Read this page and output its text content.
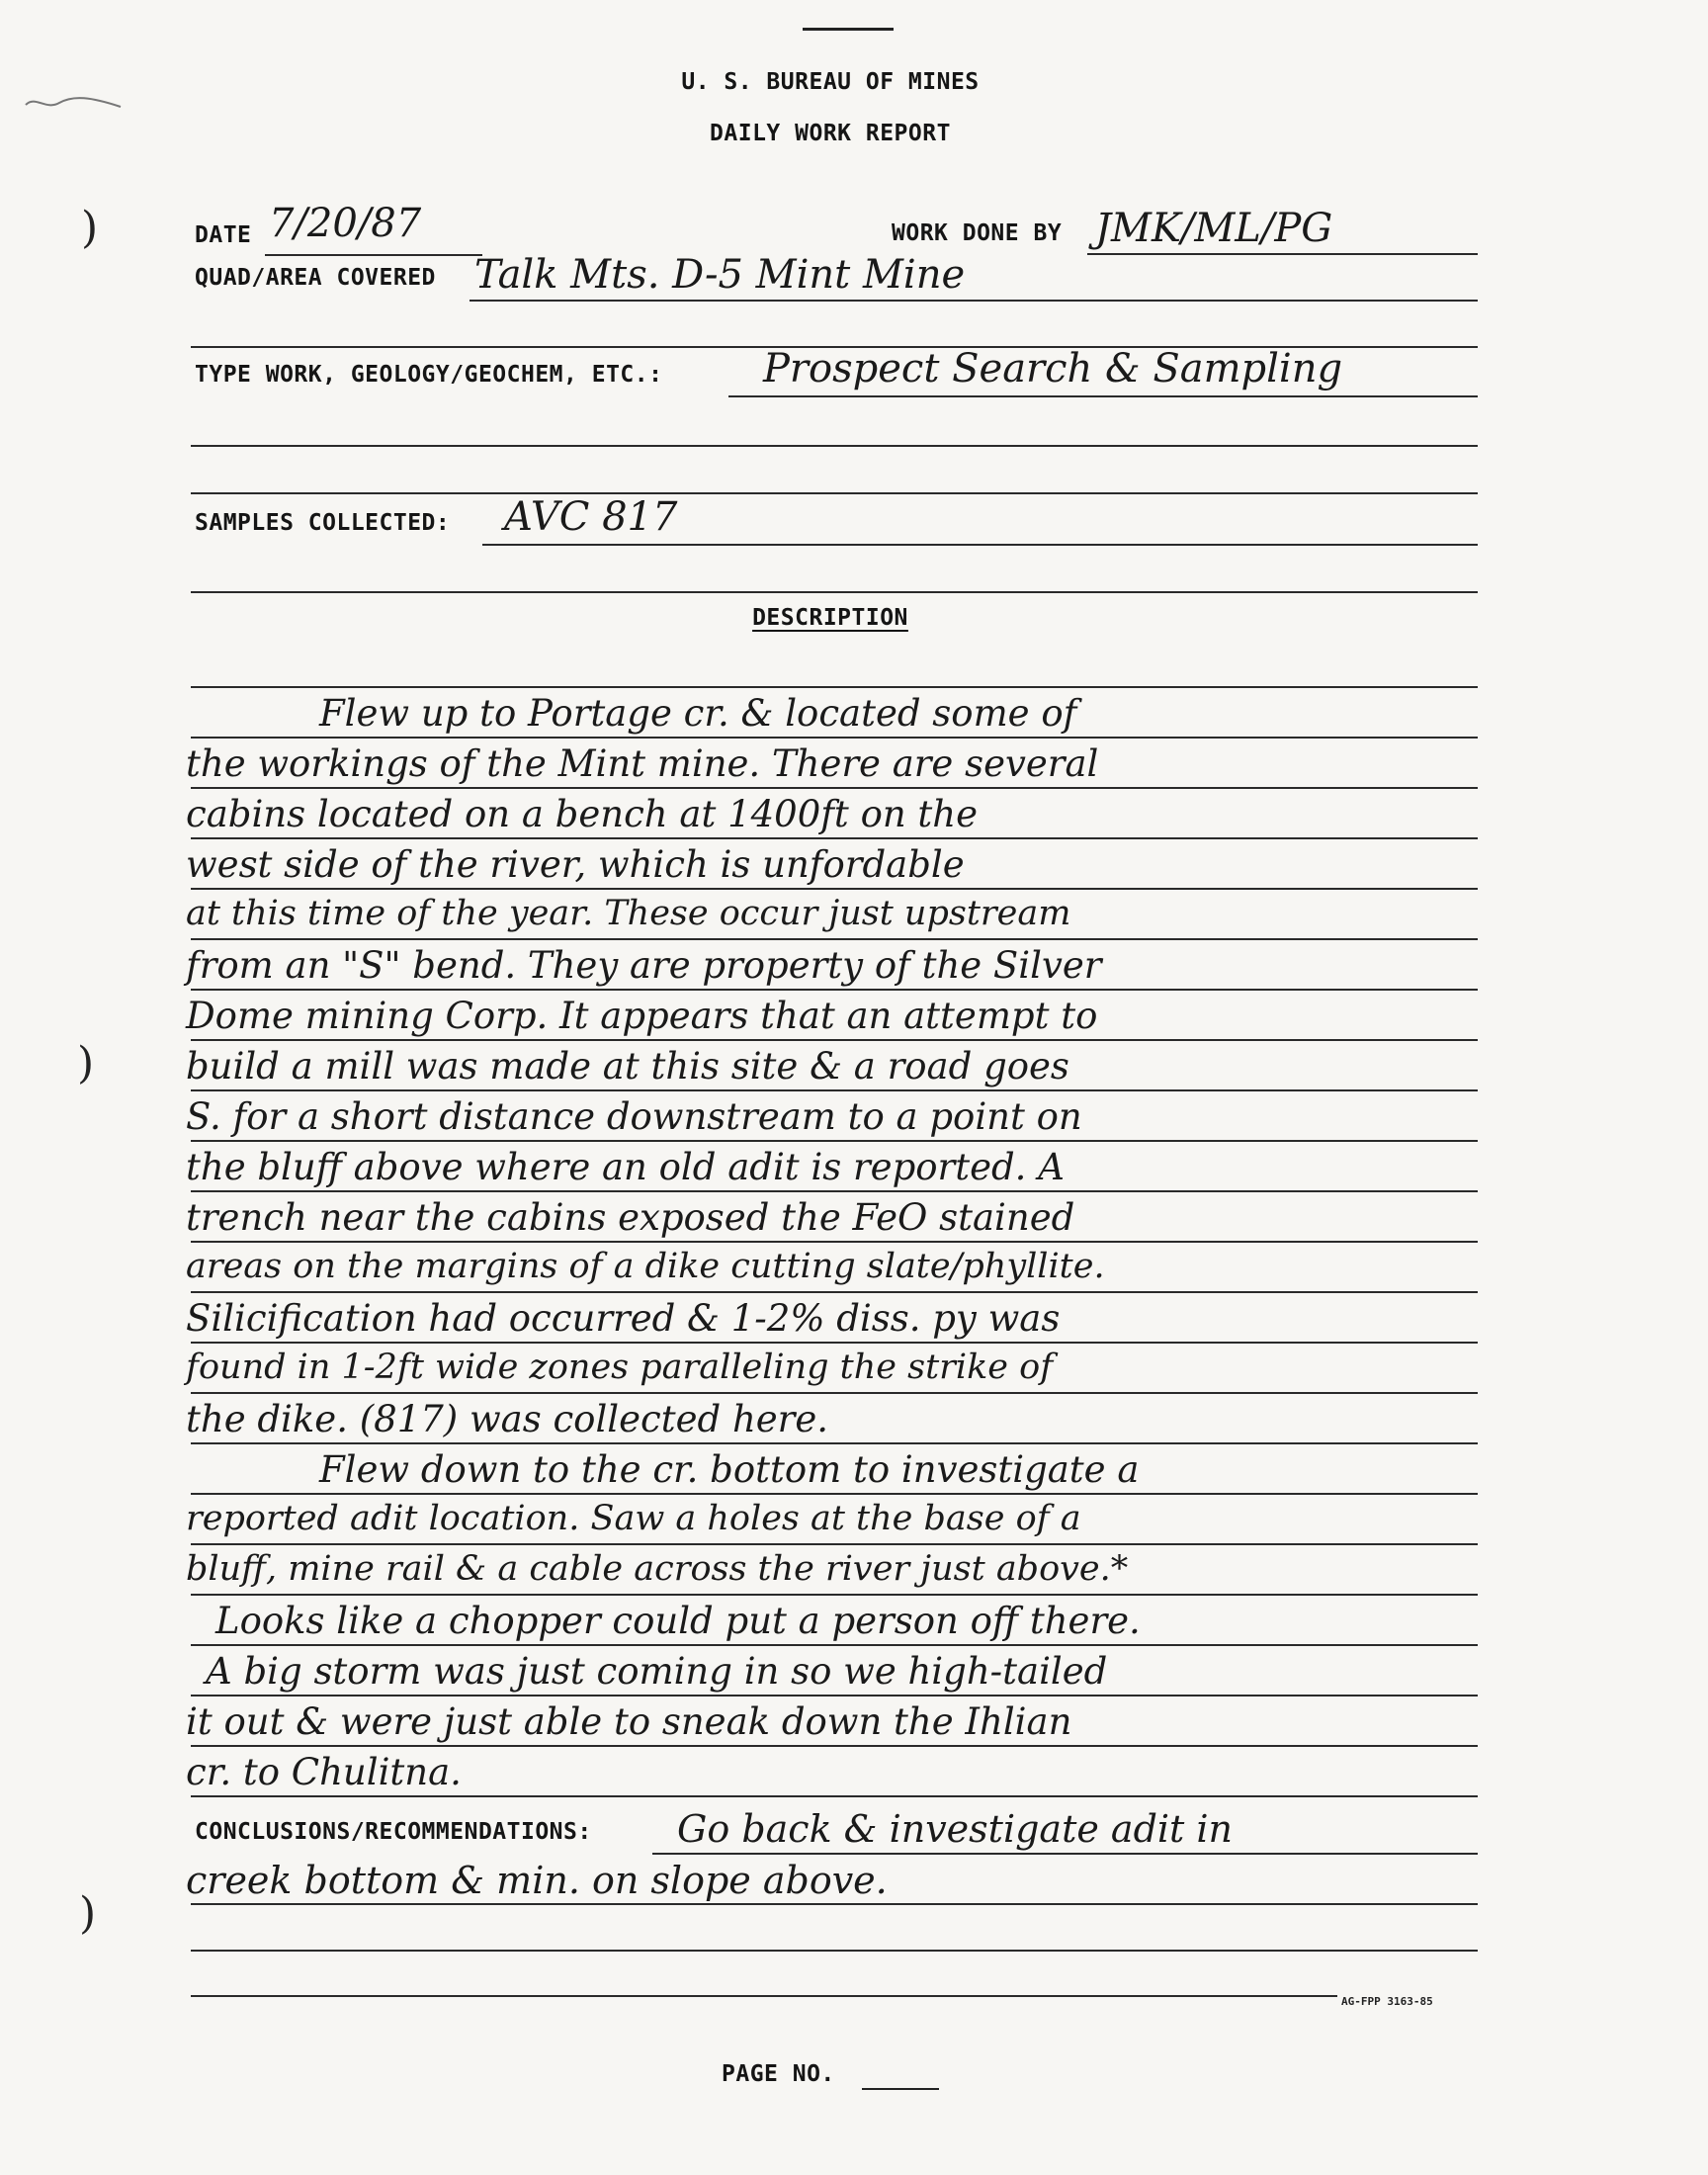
U. S. BUREAU OF MINES
DAILY WORK REPORT
)
)
)
DATE 7/20/87	WORK DONE BY JMK/ML/PG
QUAD/AREA COVERED Talk Mts. D-5 Mint Mine
TYPE WORK, GEOLOGY/GEOCHEM, ETC.:	Prospect Search & Sampling
SAMPLES COLLECTED: AVC 817
DESCRIPTION
Flew up to Portage cr. & located some of
the workings of the Mint mine. There are several
cabins located on a bench at 1400ft on the
west side of the river, which is unfordable
at this time of the year. These occur just upstream
from an "S" bend. They are property of the Silver
Dome mining Corp. It appears that an attempt to
build a mill was made at this site & a road goes
S. for a short distance downstream to a point on
the bluff above where an old adit is reported. A
trench near the cabins exposed the FeO stained
areas on the margins of a dike cutting slate/phyllite.
Silicification had occurred & 1-2% diss. py was
found in 1-2ft wide zones paralleling the strike of
the dike. (817) was collected here.
Flew down to the cr. bottom to investigate a
reported adit location. Saw a holes at the base of a
bluff, mine rail & a cable across the river just above.*
Looks like a chopper could put a person off there.
A big storm was just coming in so we high-tailed
it out & were just able to sneak down the Ihlian
cr. to Chulitna.
CONCLUSIONS/RECOMMENDATIONS: Go back & investigate adit in
creek bottom & min. on slope above.
AG-FPP 3163-85
PAGE NO.
